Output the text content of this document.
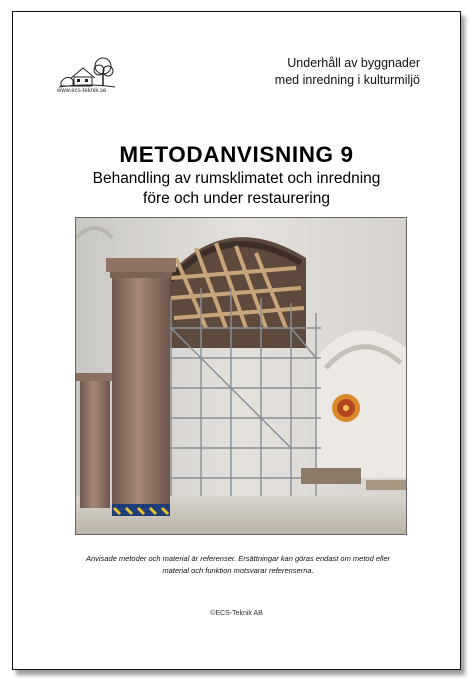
www.ecs-teknik.se
Underhåll av byggnader
med inredning i kulturmiljö
METODANVISNING 9
Behandling av rumsklimatet och inredning
före och under restaurering
Anvisade metoder och material är referenser. Ersättningar kan göras endast om metod eller
material och funktion motsvarar referenserna.
©ECS-Teknik AB
